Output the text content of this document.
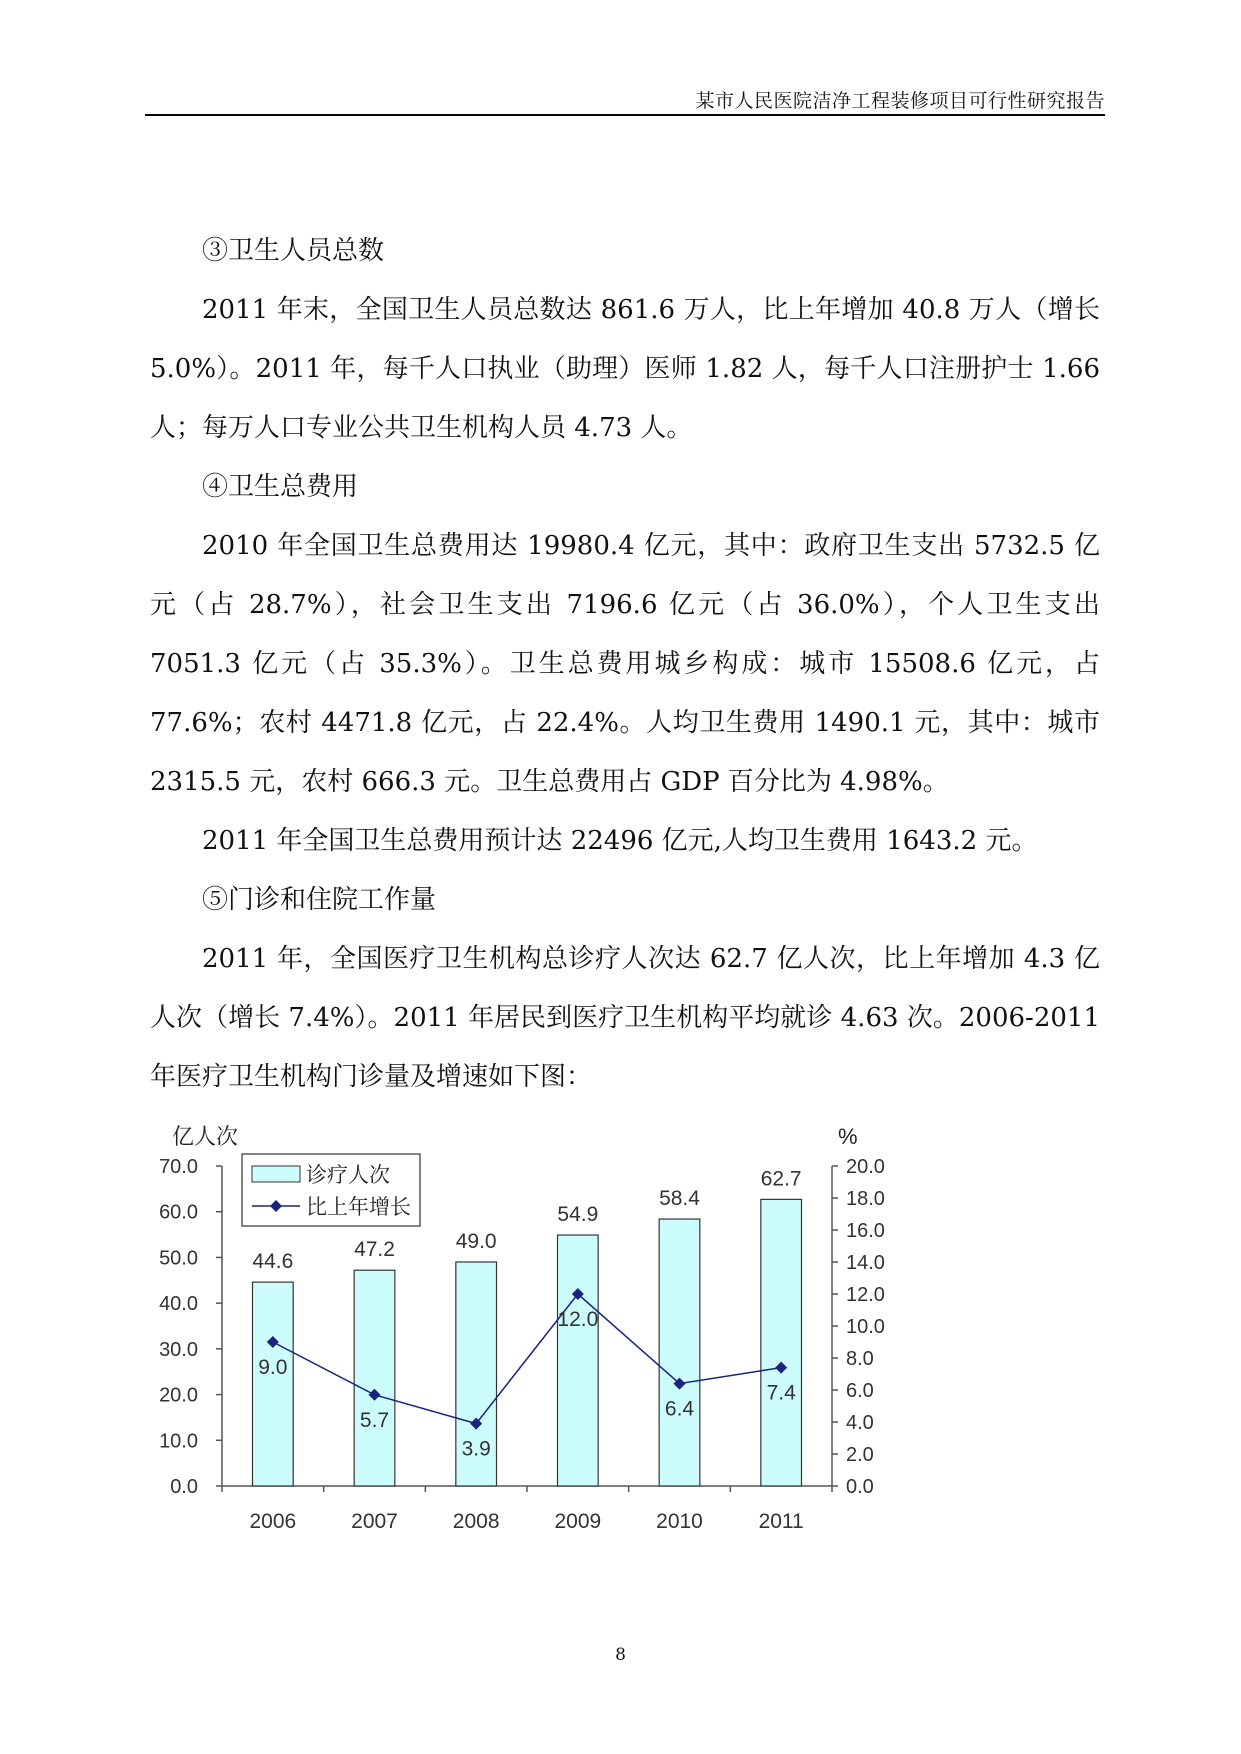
某市人民医院洁净工程装修项目可行性研究报告

③卫生人员总数

2011 年末，全国卫生人员总数达 861.6 万人，比上年增加 40.8 万人（增长 5.0%）。2011 年，每千人口执业（助理）医师 1.82 人，每千人口注册护士 1.66 人；每万人口专业公共卫生机构人员 4.73 人。

④卫生总费用

2010 年全国卫生总费用达 19980.4 亿元，其中：政府卫生支出 5732.5 亿元（占 28.7%），社会卫生支出 7196.6 亿元（占 36.0%），个人卫生支出 7051.3 亿元（占 35.3%）。卫生总费用城乡构成：城市 15508.6 亿元，占 77.6%；农村 4471.8 亿元，占 22.4%。人均卫生费用 1490.1 元，其中：城市 2315.5 元，农村 666.3 元。卫生总费用占 GDP 百分比为 4.98%。

2011 年全国卫生总费用预计达 22496 亿元,人均卫生费用 1643.2 元。

⑤门诊和住院工作量

2011 年，全国医疗卫生机构总诊疗人次达 62.7 亿人次，比上年增加 4.3 亿人次（增长 7.4%）。2011 年居民到医疗卫生机构平均就诊 4.63 次。2006-2011 年医疗卫生机构门诊量及增速如下图：

亿人次	%
0.0
10.0
20.0
30.0
40.0
50.0
60.0
70.0
0.0
2.0
4.0
6.0
8.0
10.0
12.0
14.0
16.0
18.0
20.0
44.6
2006
47.2
2007
49.0
2008
54.9
2009
58.4
2010
62.7
2011
9.0
5.7
3.9
12.0
6.4
7.4
诊疗人次
比上年增长
8
